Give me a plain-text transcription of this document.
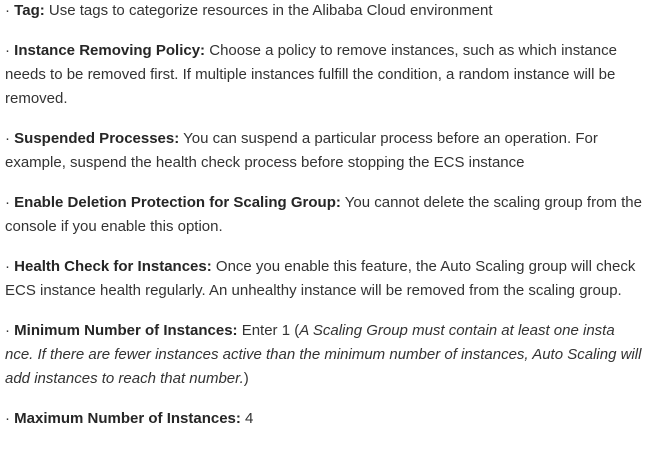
· Tag: Use tags to categorize resources in the Alibaba Cloud environment

· Instance Removing Policy: Choose a policy to remove instances, such as which instance needs to be removed first. If multiple instances fulfill the condition, a random instance will be removed.

· Suspended Processes: You can suspend a particular process before an operation. For example, suspend the health check process before stopping the ECS instance

· Enable Deletion Protection for Scaling Group: You cannot delete the scaling group from the console if you enable this option.

· Health Check for Instances: Once you enable this feature, the Auto Scaling group will check ECS instance health regularly. An unhealthy instance will be removed from the scaling group.

· Minimum Number of Instances: Enter 1 (A Scaling Group must contain at least one insta nce. If there are fewer instances active than the minimum number of instances, Auto Scaling will add instances to reach that number.)

· Maximum Number of Instances: 4
